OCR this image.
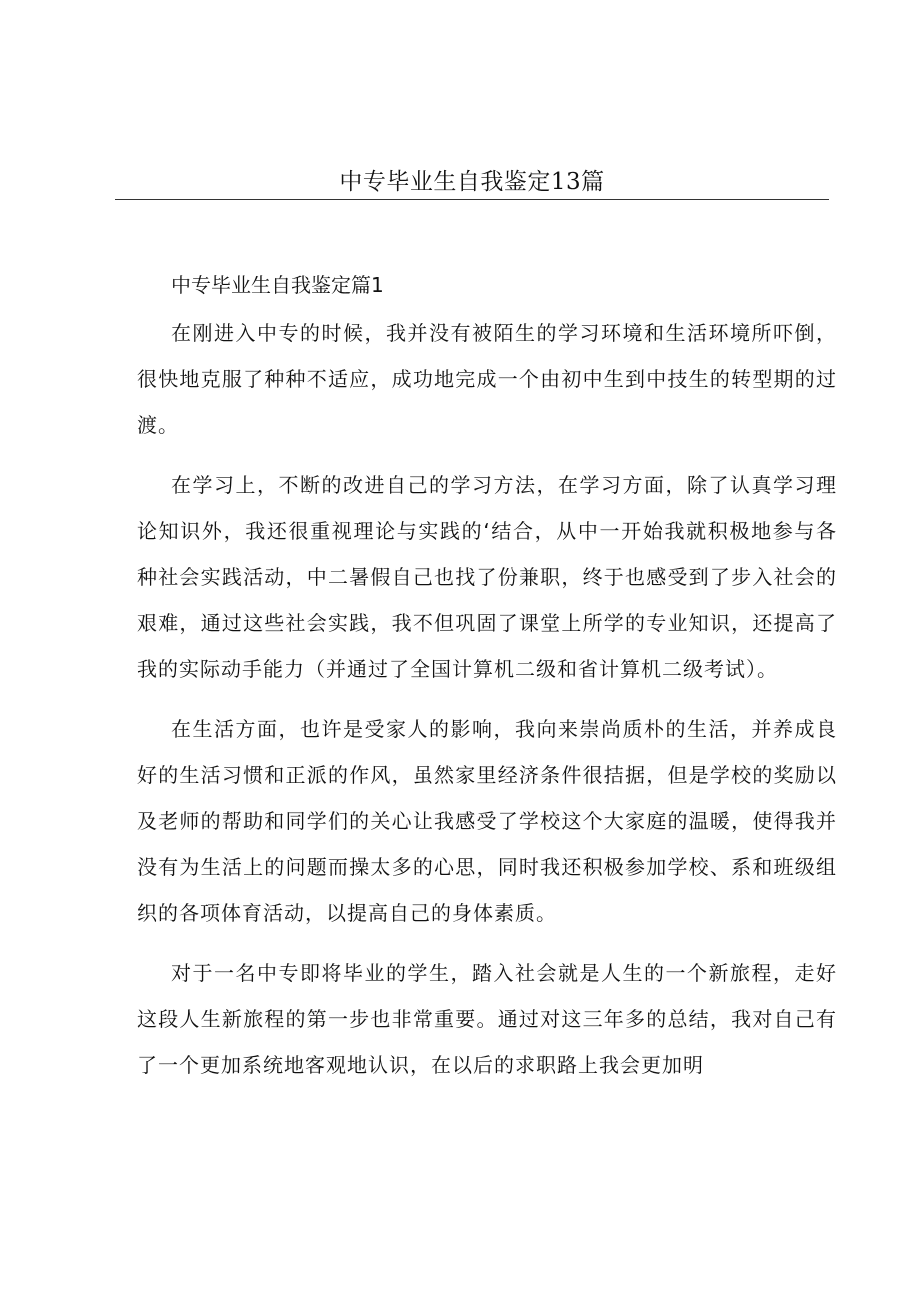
中专毕业生自我鉴定13篇
中专毕业生自我鉴定篇1

在刚进入中专的时候，我并没有被陌生的学习环境和生活环境所吓倒，很快地克服了种种不适应，成功地完成一个由初中生到中技生的转型期的过渡。

在学习上，不断的改进自己的学习方法，在学习方面，除了认真学习理论知识外，我还很重视理论与实践的‘结合，从中一开始我就积极地参与各种社会实践活动，中二暑假自己也找了份兼职，终于也感受到了步入社会的艰难，通过这些社会实践，我不但巩固了课堂上所学的专业知识，还提高了我的实际动手能力（并通过了全国计算机二级和省计算机二级考试）。

在生活方面，也许是受家人的影响，我向来崇尚质朴的生活，并养成良好的生活习惯和正派的作风，虽然家里经济条件很拮据，但是学校的奖励以及老师的帮助和同学们的关心让我感受了学校这个大家庭的温暖，使得我并没有为生活上的问题而操太多的心思，同时我还积极参加学校、系和班级组织的各项体育活动，以提高自己的身体素质。

对于一名中专即将毕业的学生，踏入社会就是人生的一个新旅程，走好这段人生新旅程的第一步也非常重要。通过对这三年多的总结，我对自己有了一个更加系统地客观地认识，在以后的求职路上我会更加明
